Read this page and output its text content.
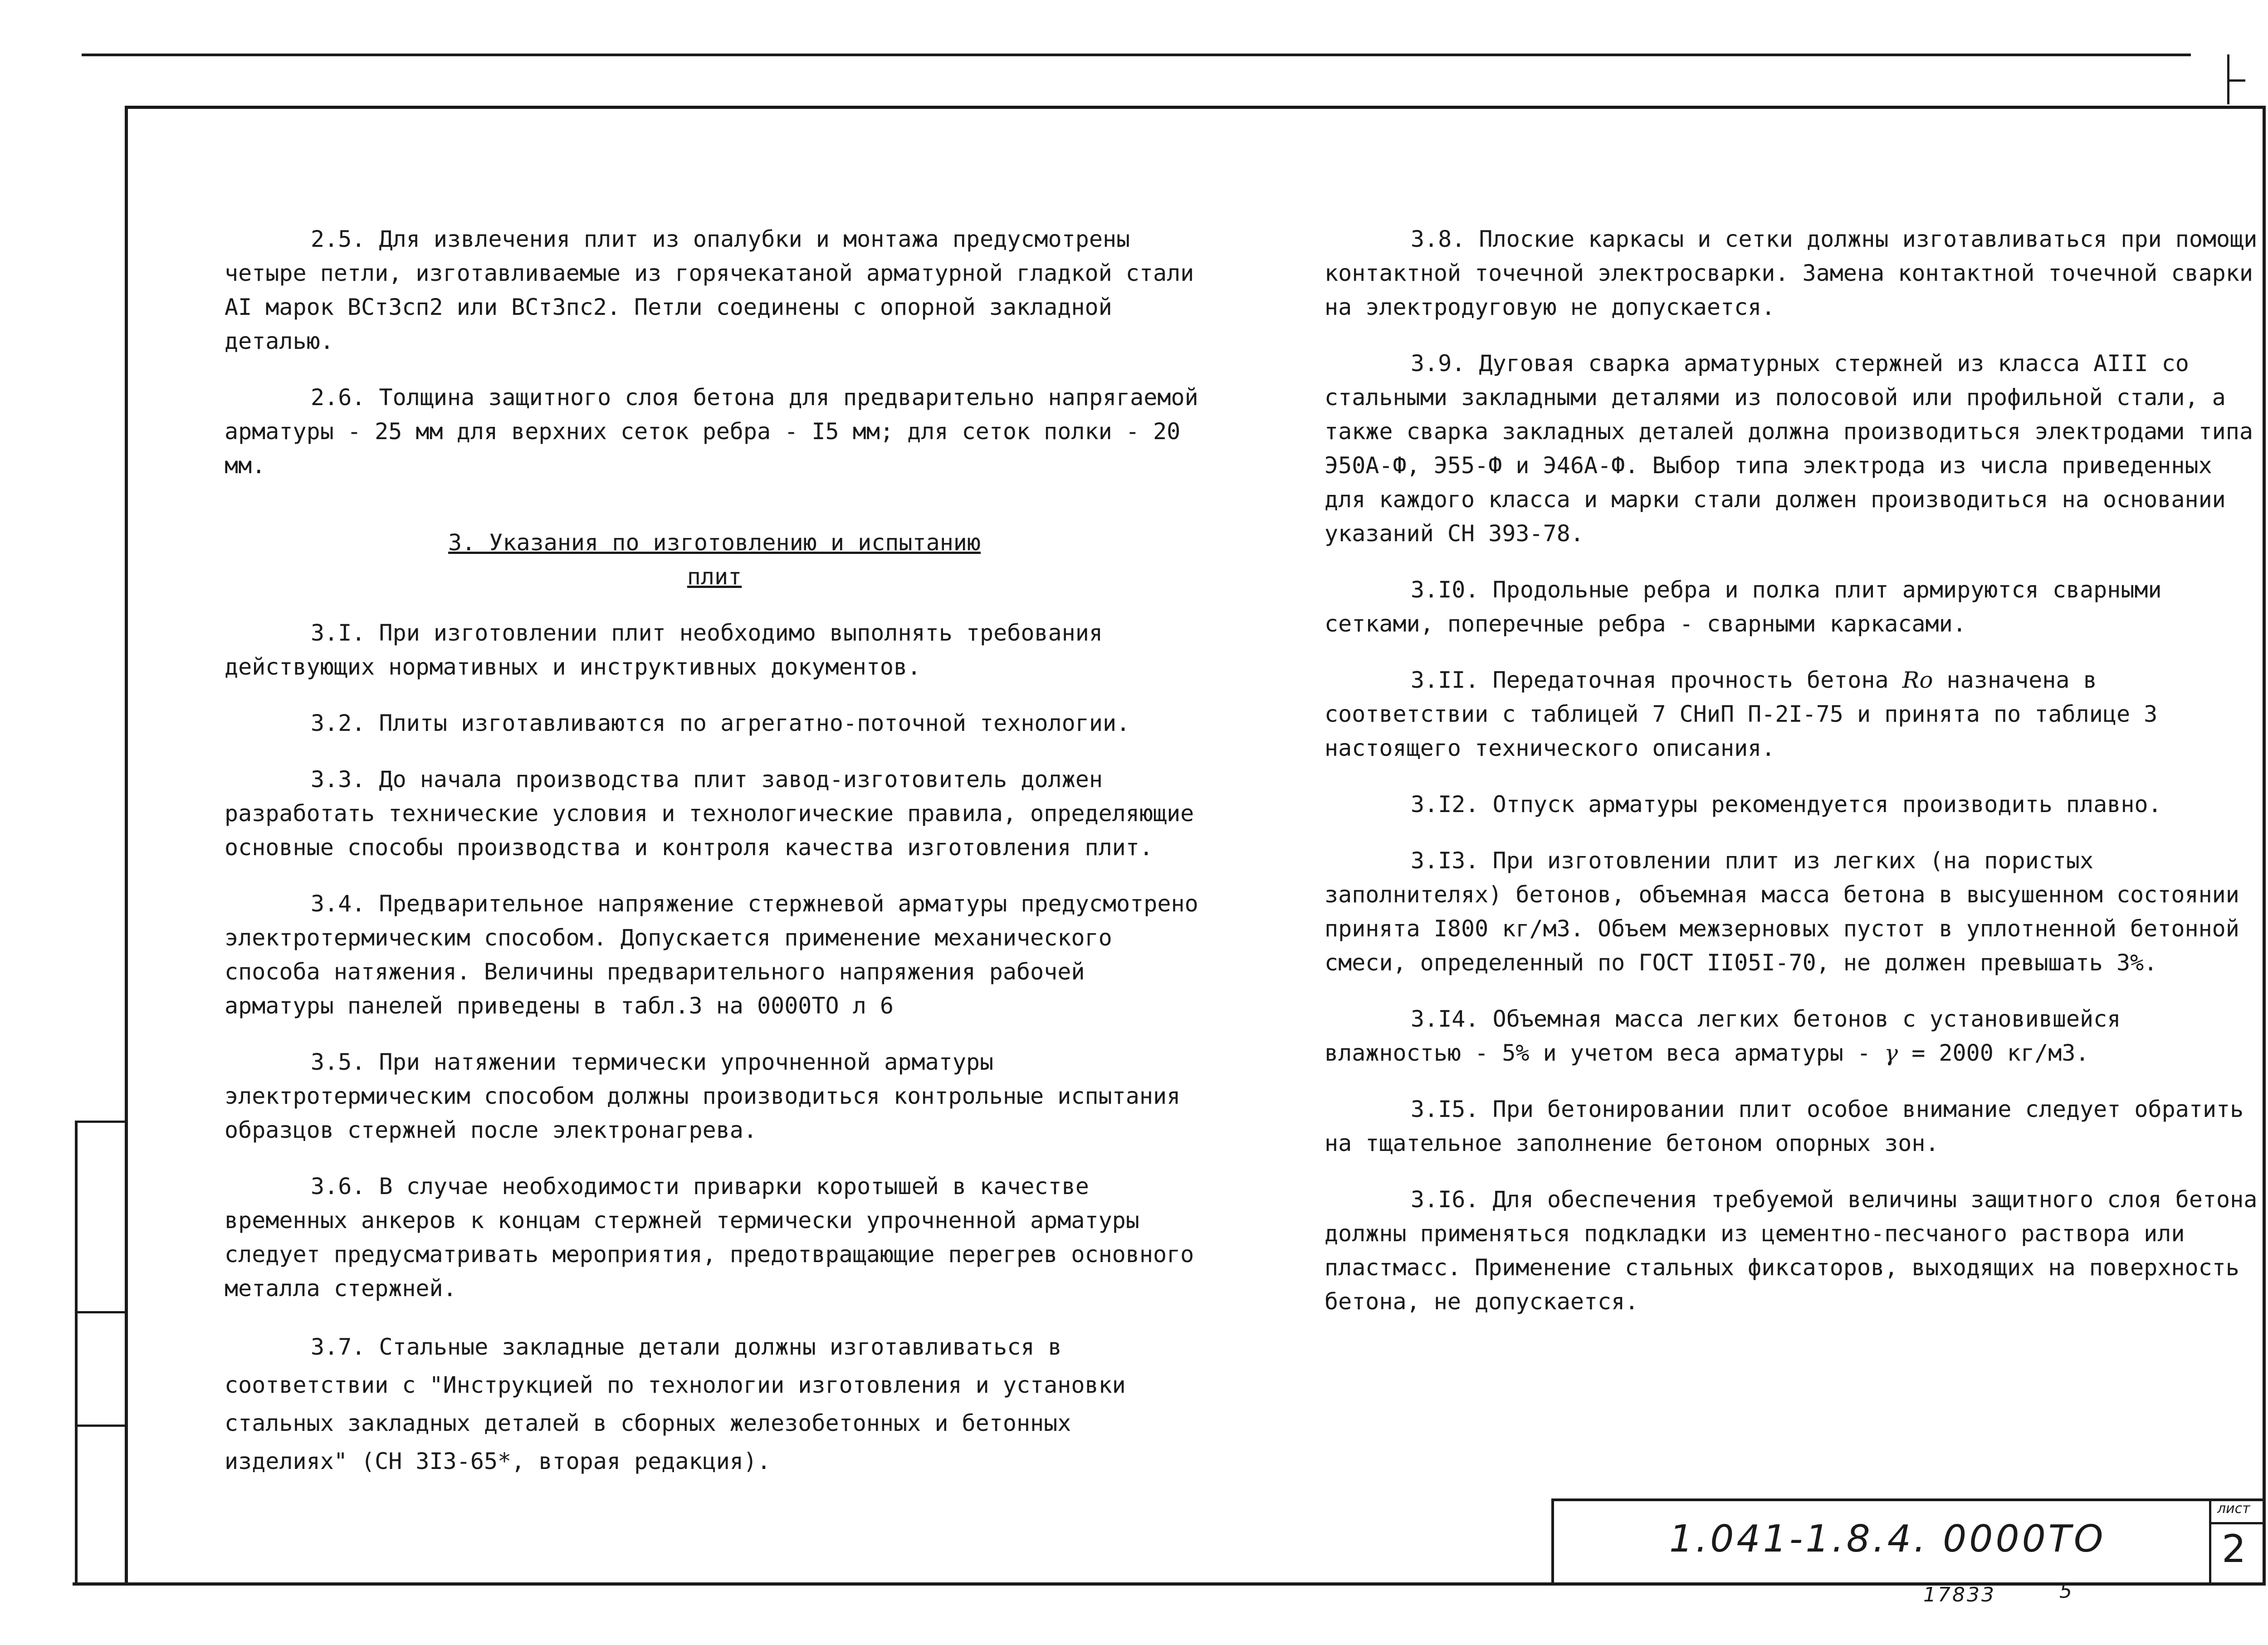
1.041-1.8.4. 0000ТО
лист
2
17833	5

2.5. Для извлечения плит из опалубки и монтажа предусмотрены четыре петли, изготавливаемые из горячекатаной арматурной гладкой стали AI марок ВСт3сп2 или ВСт3пс2. Петли соединены с опорной закладной деталью.

2.6. Толщина защитного слоя бетона для предварительно напрягаемой арматуры - 25 мм для верхних сеток ребра - I5 мм; для сеток полки - 20 мм.

3. Указания по изготовлению и испытанию
плит

3.I. При изготовлении плит необходимо выполнять требования действующих нормативных и инструктивных документов.

3.2. Плиты изготавливаются по агрегатно-поточной технологии.

3.3. До начала производства плит завод-изготовитель должен разработать технические условия и технологические правила, определяющие основные способы производства и контроля качества изготовления плит.

3.4. Предварительное напряжение стержневой арматуры предусмотрено электротермическим способом. Допускается применение механического способа натяжения. Величины предварительного напряжения рабочей арматуры панелей приведены в табл.3 на 0000ТО л 6

3.5. При натяжении термически упрочненной арматуры электротермическим способом должны производиться контрольные испытания образцов стержней после электронагрева.

3.6. В случае необходимости приварки коротышей в качестве временных анкеров к концам стержней термически упрочненной арматуры следует предусматривать мероприятия, предотвращающие перегрев основного металла стержней.

3.7. Стальные закладные детали должны изготавливаться в соответствии с "Инструкцией по технологии изготовления и установки стальных закладных деталей в сборных железобетонных и бетонных изделиях" (СН 3I3-65*, вторая редакция).

3.8. Плоские каркасы и сетки должны изготавливаться при помощи контактной точечной электросварки. Замена контактной точечной сварки на электродуговую не допускается.

3.9. Дуговая сварка арматурных стержней из класса AIII со стальными закладными деталями из полосовой или профильной стали, а также сварка закладных деталей должна производиться электродами типа Э50А-Ф, Э55-Ф и Э46А-Ф. Выбор типа электрода из числа приведенных для каждого класса и марки стали должен производиться на основании указаний СН 393-78.

3.I0. Продольные ребра и полка плит армируются сварными сетками, поперечные ребра - сварными каркасами.

3.II. Передаточная прочность бетона Rо назначена в соответствии с таблицей 7 СНиП П-2I-75 и принята по таблице 3 настоящего технического описания.

3.I2. Отпуск арматуры рекомендуется производить плавно.

3.I3. При изготовлении плит из легких (на пористых заполнителях) бетонов, объемная масса бетона в высушенном состоянии принята I800 кг/м3. Объем межзерновых пустот в уплотненной бетонной смеси, определенный по ГОСТ II05I-70, не должен превышать 3%.

3.I4. Объемная масса легких бетонов с установившейся влажностью - 5% и учетом веса арматуры - γ = 2000 кг/м3.

3.I5. При бетонировании плит особое внимание следует обратить на тщательное заполнение бетоном опорных зон.

3.I6. Для обеспечения требуемой величины защитного слоя бетона должны применяться подкладки из цементно-песчаного раствора или пластмасс. Применение стальных фиксаторов, выходящих на поверхность бетона, не допускается.
